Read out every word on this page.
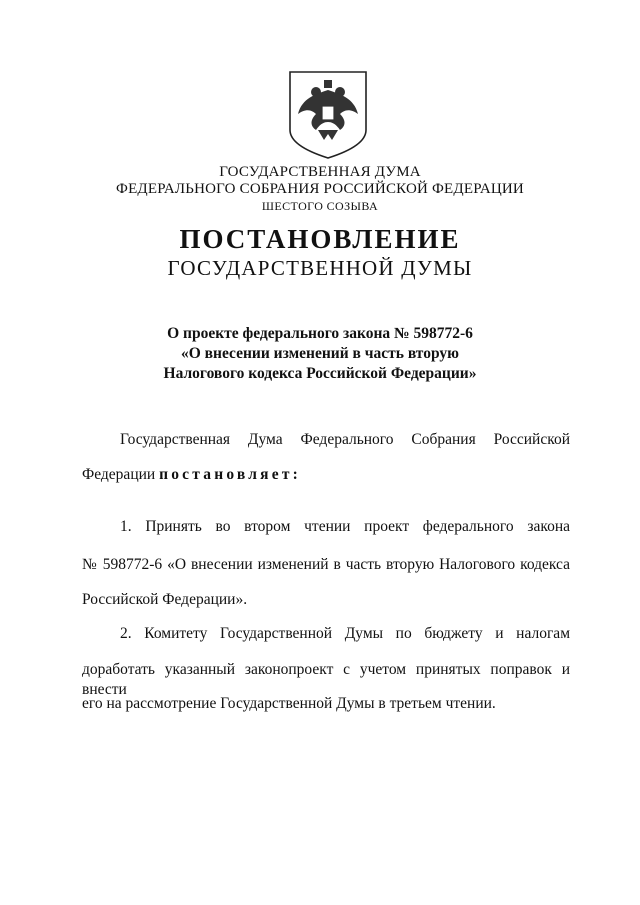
ГОСУДАРСТВЕННАЯ ДУМА
ФЕДЕРАЛЬНОГО СОБРАНИЯ РОССИЙСКОЙ ФЕДЕРАЦИИ
ШЕСТОГО СОЗЫВА
ПОСТАНОВЛЕНИЕ
ГОСУДАРСТВЕННОЙ ДУМЫ
О проекте федерального закона № 598772-6
«О внесении изменений в часть вторую
Налогового кодекса Российской Федерации»
Государственная Дума Федерального Собрания Российской
Федерации постановляет:
1. Принять во втором чтении проект федерального закона
№ 598772-6 «О внесении изменений в часть вторую Налогового кодекса
Российской Федерации».
2. Комитету Государственной Думы по бюджету и налогам
доработать указанный законопроект с учетом принятых поправок и внести
его на рассмотрение Государственной Думы в третьем чтении.
